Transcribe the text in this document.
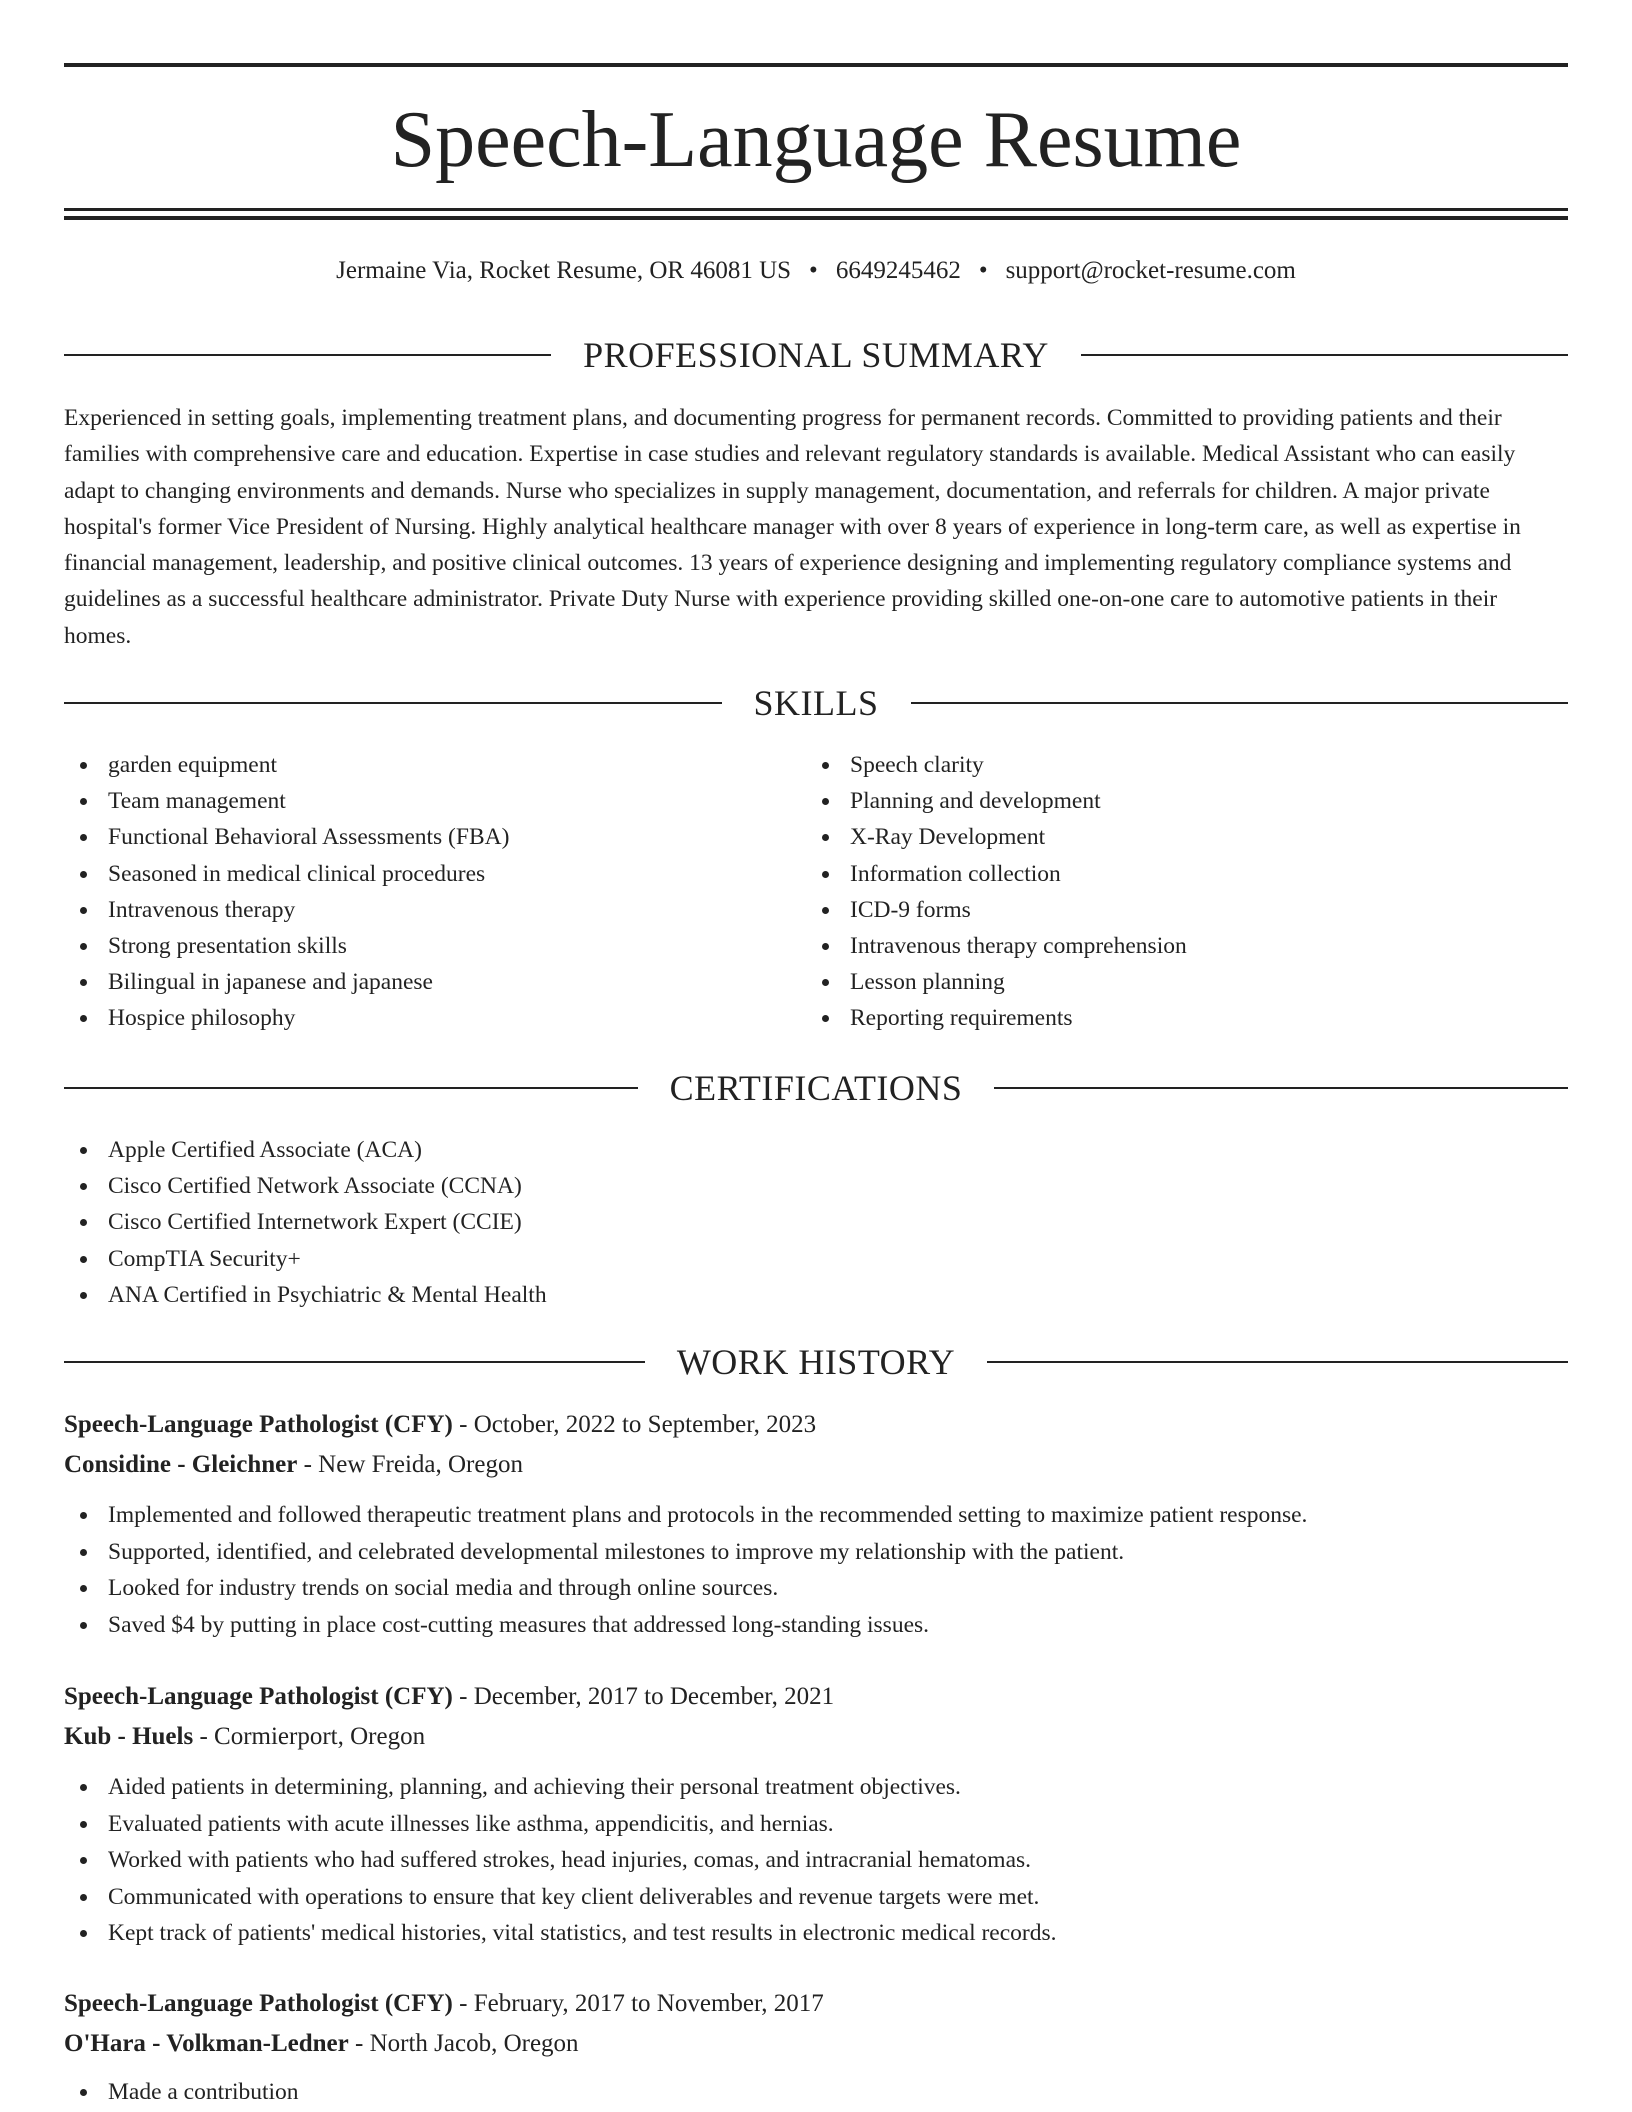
Speech-Language Resume
Jermaine Via, Rocket Resume, OR 46081 US • 6649245462 • support@rocket-resume.com
PROFESSIONAL SUMMARY

Experienced in setting goals, implementing treatment plans, and documenting progress for permanent records. Committed to providing patients and their families with comprehensive care and education. Expertise in case studies and relevant regulatory standards is available. Medical Assistant who can easily adapt to changing environments and demands. Nurse who specializes in supply management, documentation, and referrals for children. A major private hospital's former Vice President of Nursing. Highly analytical healthcare manager with over 8 years of experience in long-term care, as well as expertise in financial management, leadership, and positive clinical outcomes. 13 years of experience designing and implementing regulatory compliance systems and guidelines as a successful healthcare administrator. Private Duty Nurse with experience providing skilled one-on-one care to automotive patients in their homes.

SKILLS
garden equipment
Team management
Functional Behavioral Assessments (FBA)
Seasoned in medical clinical procedures
Intravenous therapy
Strong presentation skills
Bilingual in japanese and japanese
Hospice philosophy
Speech clarity
Planning and development
X-Ray Development
Information collection
ICD-9 forms
Intravenous therapy comprehension
Lesson planning
Reporting requirements
CERTIFICATIONS
Apple Certified Associate (ACA)
Cisco Certified Network Associate (CCNA)
Cisco Certified Internetwork Expert (CCIE)
CompTIA Security+
ANA Certified in Psychiatric & Mental Health
WORK HISTORY
Speech-Language Pathologist (CFY) - October, 2022 to September, 2023
Considine - Gleichner - New Freida, Oregon
Implemented and followed therapeutic treatment plans and protocols in the recommended setting to maximize patient response.
Supported, identified, and celebrated developmental milestones to improve my relationship with the patient.
Looked for industry trends on social media and through online sources.
Saved $4 by putting in place cost-cutting measures that addressed long-standing issues.
Speech-Language Pathologist (CFY) - December, 2017 to December, 2021
Kub - Huels - Cormierport, Oregon
Aided patients in determining, planning, and achieving their personal treatment objectives.
Evaluated patients with acute illnesses like asthma, appendicitis, and hernias.
Worked with patients who had suffered strokes, head injuries, comas, and intracranial hematomas.
Communicated with operations to ensure that key client deliverables and revenue targets were met.
Kept track of patients' medical histories, vital statistics, and test results in electronic medical records.
Speech-Language Pathologist (CFY) - February, 2017 to November, 2017
O'Hara - Volkman-Ledner - North Jacob, Oregon
Made a contribution
